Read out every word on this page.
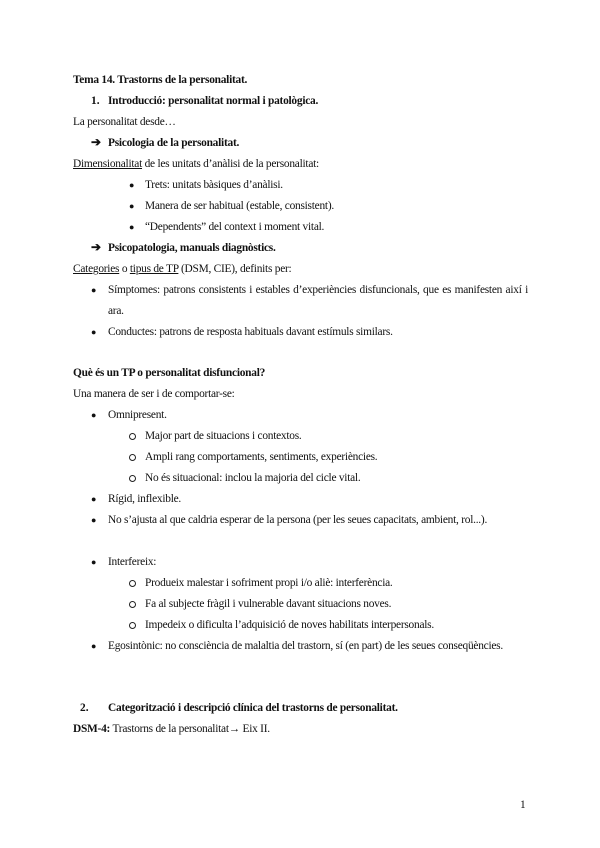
Tema 14. Trastorns de la personalitat.
1. Introducció: personalitat normal i patològica.
La personalitat desde…
➔ Psicologia de la personalitat.
Dimensionalitat de les unitats d’anàlisi de la personalitat:
● Trets: unitats bàsiques d’anàlisi.
● Manera de ser habitual (estable, consistent).
● “Dependents” del context i moment vital.
➔ Psicopatologia, manuals diagnòstics.
Categories o tipus de TP (DSM, CIE), definits per:
● Símptomes: patrons consistents i estables d’experiències disfuncionals, que es manifesten així i ara.
● Conductes: patrons de resposta habituals davant estímuls similars.
Què és un TP o personalitat disfuncional?
Una manera de ser i de comportar-se:
● Omnipresent.
Major part de situacions i contextos.
Ampli rang comportaments, sentiments, experiències.
No és situacional: inclou la majoria del cicle vital.
● Rígid, inflexible.
● No s’ajusta al que caldria esperar de la persona (per les seues capacitats, ambient, rol...).
● Interfereix:
Produeix malestar i sofriment propi i/o aliè: interferència.
Fa al subjecte fràgil i vulnerable davant situacions noves.
Impedeix o dificulta l’adquisició de noves habilitats interpersonals.
● Egosintònic: no consciència de malaltia del trastorn, sí (en part) de les seues conseqüències.
2. Categorització i descripció clínica del trastorns de personalitat.
DSM-4: Trastorns de la personalitat→ Eix II.
1
